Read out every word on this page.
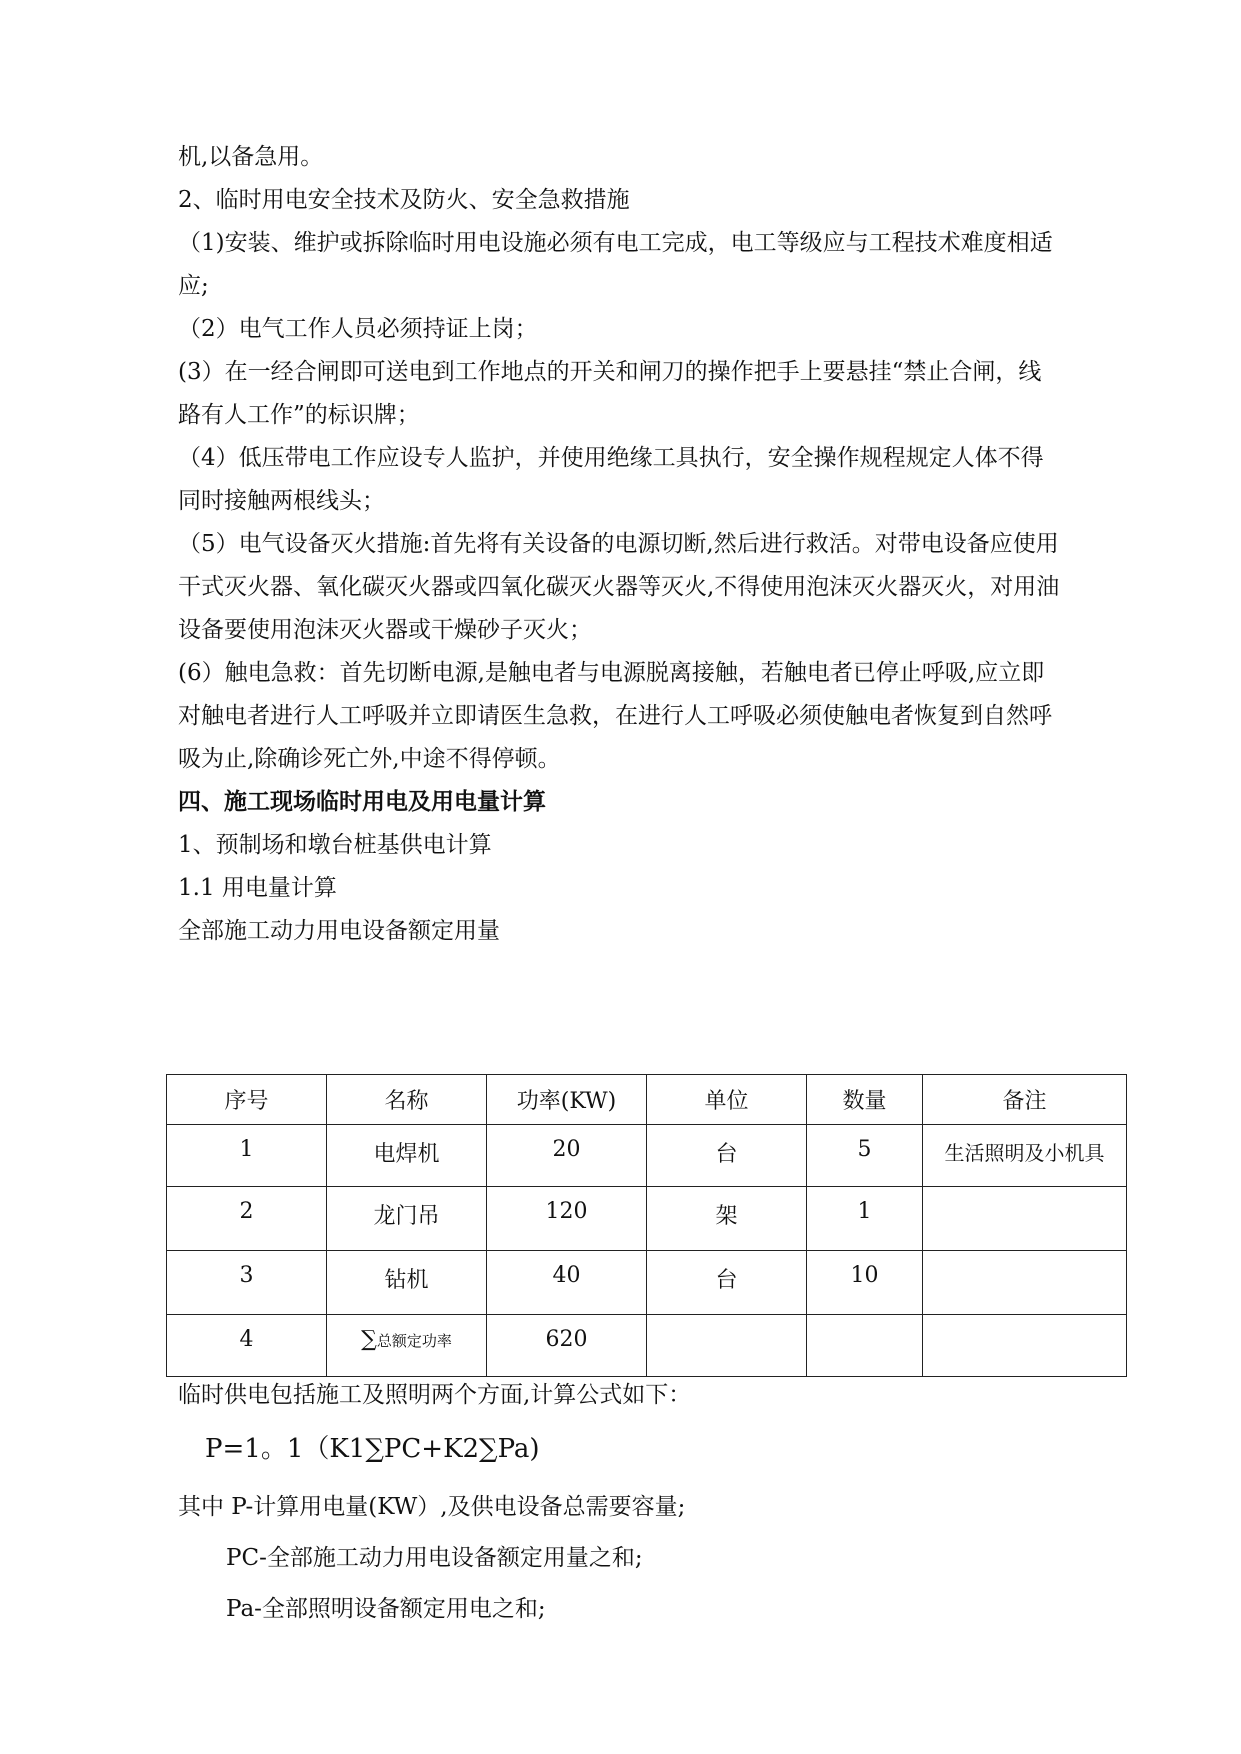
机,以备急用。
2、临时用电安全技术及防火、安全急救措施
（1)安装、维护或拆除临时用电设施必须有电工完成，电工等级应与工程技术难度相适
应;
（2）电气工作人员必须持证上岗；
(3）在一经合闸即可送电到工作地点的开关和闸刀的操作把手上要悬挂“禁止合闸，线
路有人工作”的标识牌；
（4）低压带电工作应设专人监护，并使用绝缘工具执行，安全操作规程规定人体不得
同时接触两根线头；
（5）电气设备灭火措施:首先将有关设备的电源切断,然后进行救活。对带电设备应使用
干式灭火器、氧化碳灭火器或四氧化碳灭火器等灭火,不得使用泡沫灭火器灭火，对用油
设备要使用泡沫灭火器或干燥砂子灭火；
(6）触电急救：首先切断电源,是触电者与电源脱离接触，若触电者已停止呼吸,应立即
对触电者进行人工呼吸并立即请医生急救，在进行人工呼吸必须使触电者恢复到自然呼
吸为止,除确诊死亡外,中途不得停顿。
四、施工现场临时用电及用电量计算
1、预制场和墩台桩基供电计算
1.1 用电量计算
全部施工动力用电设备额定用量
序号	名称	功率(KW)	单位	数量	备注
1	电焊机	20	台	5	生活照明及小机具
2	龙门吊	120	架	1	
3	钻机	40	台	10	
4	∑总额定功率	620			
临时供电包括施工及照明两个方面,计算公式如下：
P=1。1（K1∑PC+K2∑Pa)
其中 P-计算用电量(KW）,及供电设备总需要容量;
PC-全部施工动力用电设备额定用量之和;
Pa-全部照明设备额定用电之和;
